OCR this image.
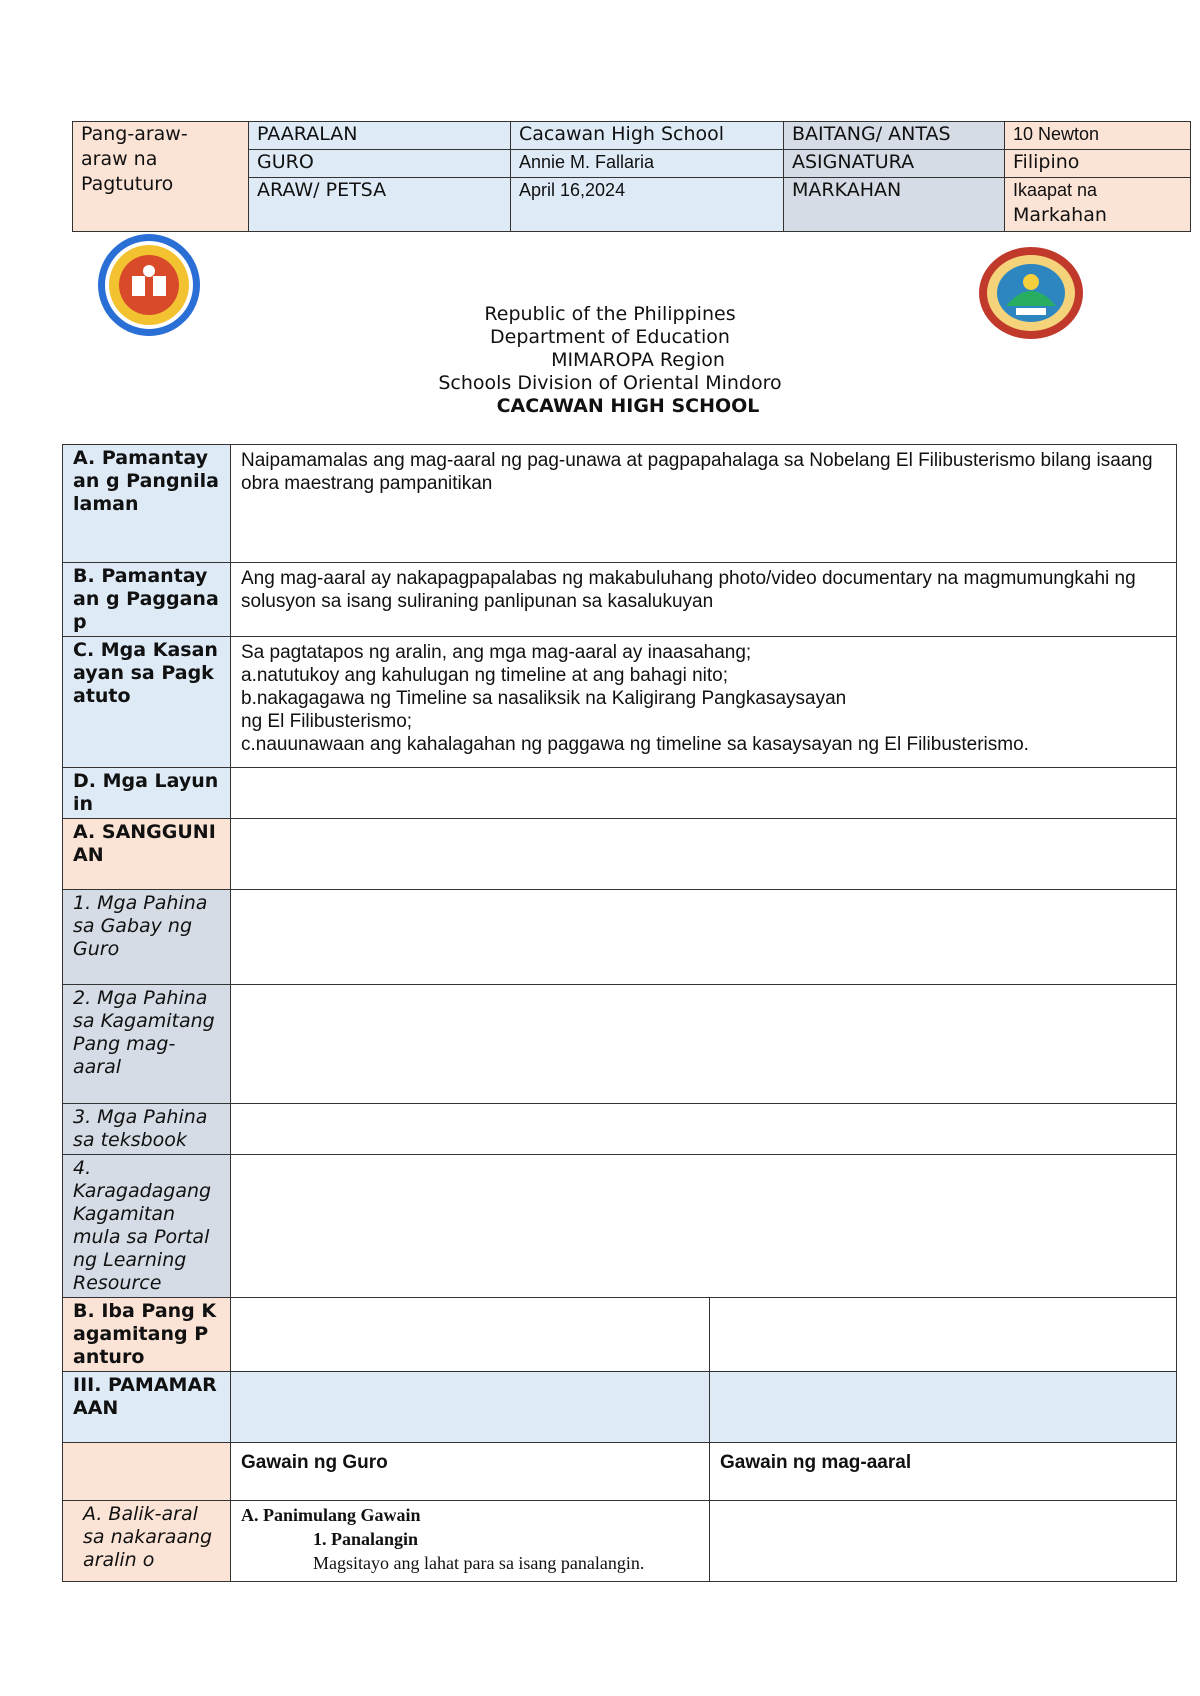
Pang-araw-
araw na
Pagtuturo	PAARALAN	Cacawan High School	BAITANG/ ANTAS	10 Newton
	GURO	Annie M. Fallaria	ASIGNATURA	Filipino
	ARAW/ PETSA	April 16,2024	MARKAHAN	Ikaapat na
Markahan
Republic of the Philippines
Department of Education
MIMAROPA Region
Schools Division of Oriental Mindoro
CACAWAN HIGH SCHOOL
A. Pamantayan g Pangnilalaman	Naipamamalas ang mag-aaral ng pag-unawa at pagpapahalaga sa Nobelang El Filibusterismo bilang isaang obra maestrang pampanitikan	

B. Pamantayan g Pagganap	Ang mag-aaral ay nakapagpapalabas ng makabuluhang photo/video documentary na magmumungkahi ng solusyon sa isang suliraning panlipunan sa kasalukuyan	

C. Mga Kasanayan sa Pagkatuto	Sa pagtatapos ng aralin, ang mga mag-aaral ay inaasahang;
a.natutukoy ang kahulugan ng timeline at ang bahagi nito;
b.nakagagawa ng Timeline sa nasaliksik na Kaligirang Pangkasaysayan
ng El Filibusterismo;
c.nauunawaan ang kahalagahan ng paggawa ng timeline sa kasaysayan ng El Filibusterismo.	

D. Mga Layunin		
A. SANGGUNIAN		
1. Mga Pahina sa Gabay ng Guro		
2. Mga Pahina sa Kagamitang Pang mag-aaral		
3. Mga Pahina sa teksbook		
4. Karagadagang Kagamitan mula sa Portal ng Learning Resource		
B. Iba Pang Kagamitang Panturo		
III. PAMAMARAAN		
	Gawain ng Guro	Gawain ng mag-aaral
A. Balik-aral sa nakaraang aralin o	A. Panimulang Gawain
1. Panalangin
Magsitayo ang lahat para sa isang panalangin.	
